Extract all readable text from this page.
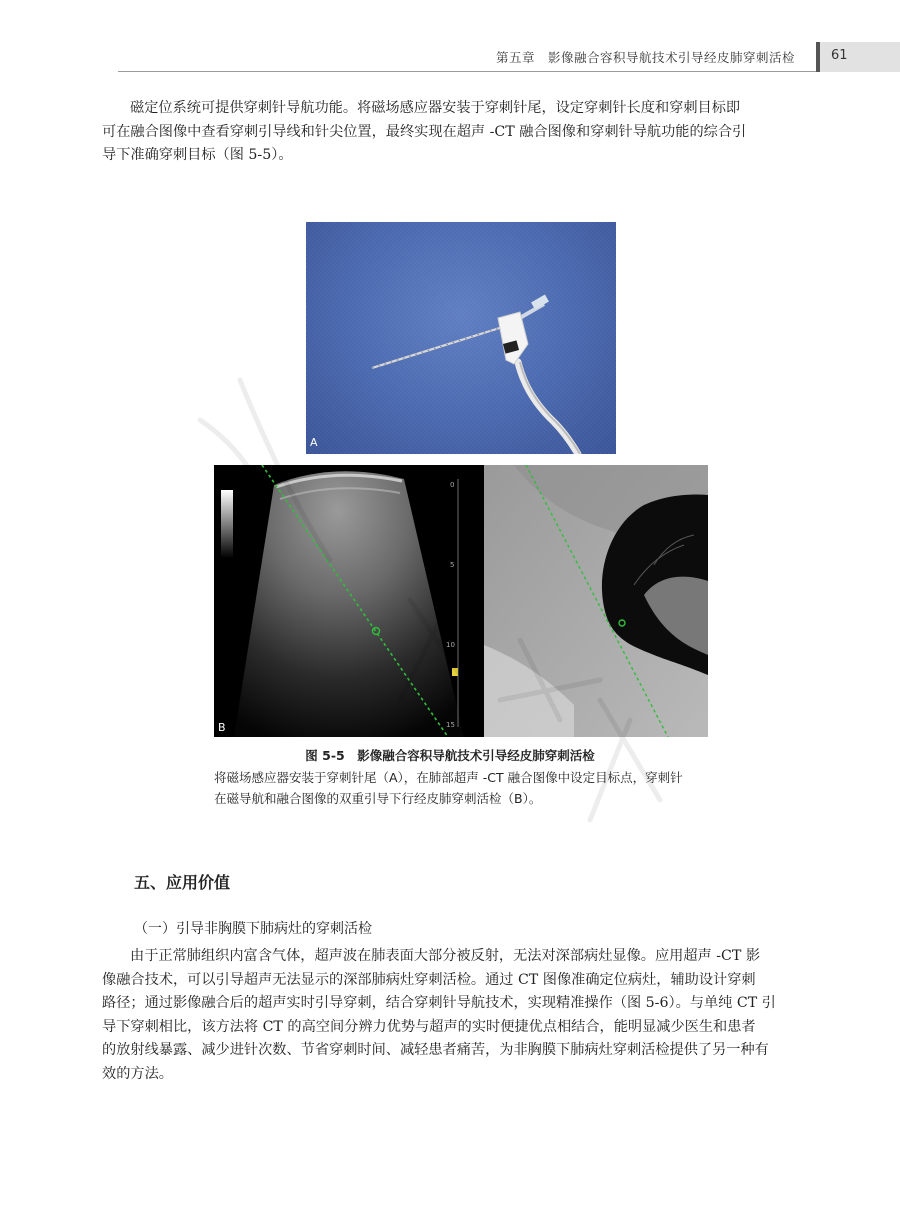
第五章　影像融合容积导航技术引导经皮肺穿刺活检	61

磁定位系统可提供穿刺针导航功能。将磁场感应器安装于穿刺针尾，设定穿刺针长度和穿刺目标即
可在融合图像中查看穿刺引导线和针尖位置，最终实现在超声 -CT 融合图像和穿刺针导航功能的综合引
导下准确穿刺目标（图 5-5）。

A
0
5
10
15
B
图 5-5　影像融合容积导航技术引导经皮肺穿刺活检
将磁场感应器安装于穿刺针尾（A），在肺部超声 -CT 融合图像中设定目标点，穿刺针
在磁导航和融合图像的双重引导下行经皮肺穿刺活检（B）。
五、应用价值
（一）引导非胸膜下肺病灶的穿刺活检

由于正常肺组织内富含气体，超声波在肺表面大部分被反射，无法对深部病灶显像。应用超声 -CT 影
像融合技术，可以引导超声无法显示的深部肺病灶穿刺活检。通过 CT 图像准确定位病灶，辅助设计穿刺
路径；通过影像融合后的超声实时引导穿刺，结合穿刺针导航技术，实现精准操作（图 5-6）。与单纯 CT 引
导下穿刺相比，该方法将 CT 的高空间分辨力优势与超声的实时便捷优点相结合，能明显减少医生和患者
的放射线暴露、减少进针次数、节省穿刺时间、减轻患者痛苦，为非胸膜下肺病灶穿刺活检提供了另一种有
效的方法。
